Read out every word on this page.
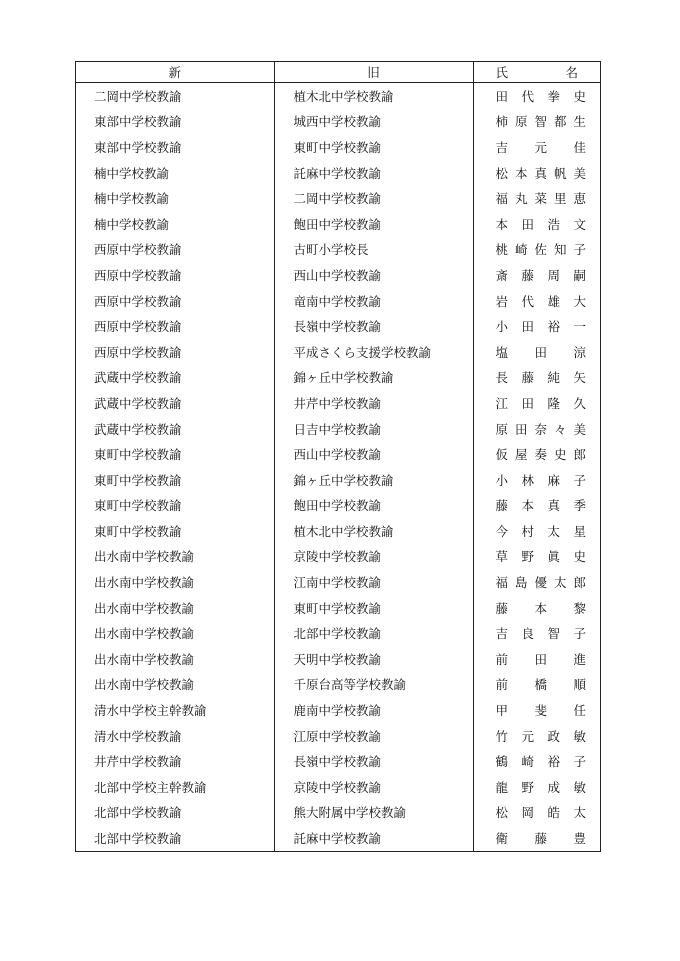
新	旧	氏 名

二岡中学校教諭	植木北中学校教諭	田 代 拳 史

東部中学校教諭	城西中学校教諭	柿 原 智 都 生

東部中学校教諭	東町中学校教諭	吉 元 佳

楠中学校教諭	託麻中学校教諭	松 本 真 帆 美

楠中学校教諭	二岡中学校教諭	福 丸 菜 里 恵

楠中学校教諭	飽田中学校教諭	本 田 浩 文

西原中学校教諭	古町小学校長	桃 崎 佐 知 子

西原中学校教諭	西山中学校教諭	斎 藤 周 嗣

西原中学校教諭	竜南中学校教諭	岩 代 雄 大

西原中学校教諭	長嶺中学校教諭	小 田 裕 一

西原中学校教諭	平成さくら支援学校教諭	塩 田 涼

武蔵中学校教諭	錦ヶ丘中学校教諭	長 藤 純 矢

武蔵中学校教諭	井芹中学校教諭	江 田 隆 久

武蔵中学校教諭	日吉中学校教諭	原 田 奈 々 美

東町中学校教諭	西山中学校教諭	仮 屋 奏 史 郎

東町中学校教諭	錦ヶ丘中学校教諭	小 林 麻 子

東町中学校教諭	飽田中学校教諭	藤 本 真 季

東町中学校教諭	植木北中学校教諭	今 村 太 星

出水南中学校教諭	京陵中学校教諭	草 野 眞 史

出水南中学校教諭	江南中学校教諭	福 島 優 太 郎

出水南中学校教諭	東町中学校教諭	藤 本 黎

出水南中学校教諭	北部中学校教諭	吉 良 智 子

出水南中学校教諭	天明中学校教諭	前 田 進

出水南中学校教諭	千原台高等学校教諭	前 橋 順

清水中学校主幹教諭	鹿南中学校教諭	甲 斐 任

清水中学校教諭	江原中学校教諭	竹 元 政 敏

井芹中学校教諭	長嶺中学校教諭	鶴 崎 裕 子

北部中学校主幹教諭	京陵中学校教諭	龍 野 成 敏

北部中学校教諭	熊大附属中学校教諭	松 岡 皓 太

北部中学校教諭	託麻中学校教諭	衛 藤 豊
